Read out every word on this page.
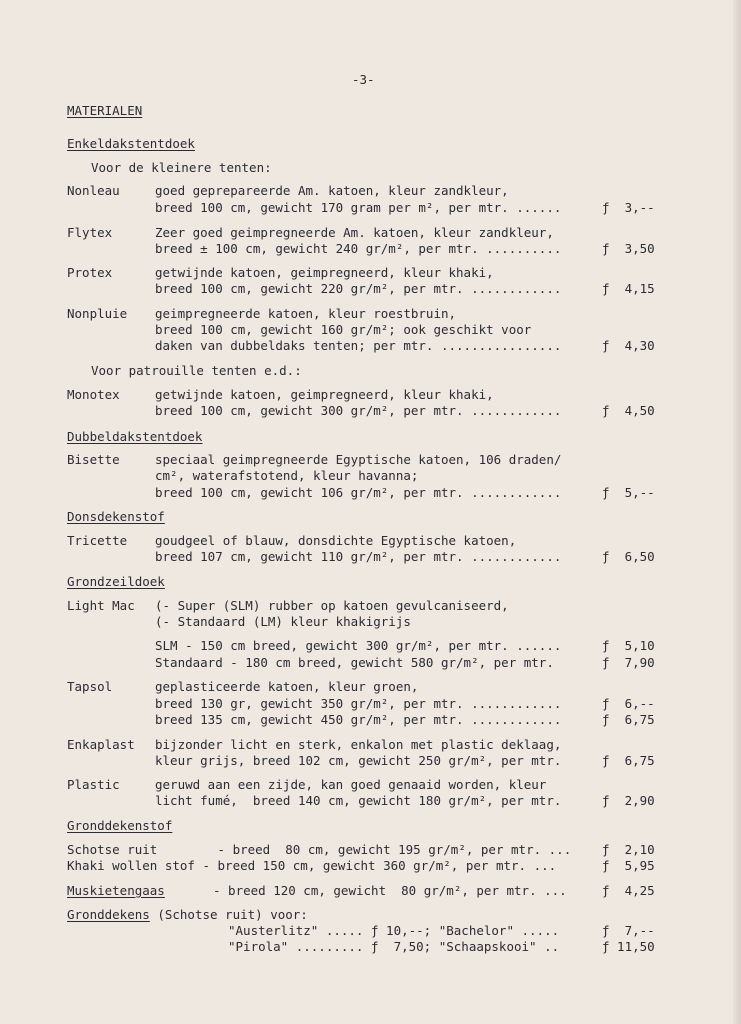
-3-
MATERIALEN
Enkeldakstentdoek
Voor de kleinere tenten:
Nonleau	goed geprepareerde Am. katoen, kleur zandkleur,
breed 100 cm, gewicht 170 gram per m², per mtr. ......	ƒ  3,--
Flytex	Zeer goed geimpregneerde Am. katoen, kleur zandkleur,
breed ± 100 cm, gewicht 240 gr/m², per mtr. ..........	ƒ  3,50
Protex	getwijnde katoen, geimpregneerd, kleur khaki,
breed 100 cm, gewicht 220 gr/m², per mtr. ............	ƒ  4,15
Nonpluie geimpregneerde katoen, kleur roestbruin,
breed 100 cm, gewicht 160 gr/m²; ook geschikt voor
daken van dubbeldaks tenten; per mtr. ................	ƒ  4,30
Voor patrouille tenten e.d.:
Monotex	getwijnde katoen, geimpregneerd, kleur khaki,
breed 100 cm, gewicht 300 gr/m², per mtr. ............	ƒ  4,50
Dubbeldakstentdoek
Bisette	speciaal geimpregneerde Egyptische katoen, 106 draden/
cm², waterafstotend, kleur havanna;
breed 100 cm, gewicht 106 gr/m², per mtr. ............	ƒ  5,--
Donsdekenstof
Tricette goudgeel of blauw, donsdichte Egyptische katoen,
breed 107 cm, gewicht 110 gr/m², per mtr. ............	ƒ  6,50
Grondzeildoek
Light Mac (- Super (SLM) rubber op katoen gevulcaniseerd,
(- Standaard (LM) kleur khakigrijs
SLM - 150 cm breed, gewicht 300 gr/m², per mtr. ......	ƒ  5,10
Standaard - 180 cm breed, gewicht 580 gr/m², per mtr.	ƒ  7,90
Tapsol	geplasticeerde katoen, kleur groen,
breed 130 gr, gewicht 350 gr/m², per mtr. ............	ƒ  6,--
breed 135 cm, gewicht 450 gr/m², per mtr. ............	ƒ  6,75
Enkaplast bijzonder licht en sterk, enkalon met plastic deklaag,
kleur grijs, breed 102 cm, gewicht 250 gr/m², per mtr.	ƒ  6,75
Plastic	geruwd aan een zijde, kan goed genaaid worden, kleur
licht fumé,  breed 140 cm, gewicht 180 gr/m², per mtr.	ƒ  2,90
Gronddekenstof
Schotse ruit        - breed  80 cm, gewicht 195 gr/m², per mtr. ... ƒ  2,10
Khaki wollen stof - breed 150 cm, gewicht 360 gr/m², per mtr. ...	ƒ  5,95
Muskietengaas	- breed 120 cm, gewicht  80 gr/m², per mtr. ...	ƒ  4,25
Gronddekens (Schotse ruit) voor:
"Austerlitz" ..... ƒ 10,--; "Bachelor" .....	ƒ  7,--
"Pirola" ......... ƒ  7,50; "Schaapskooi" ..	ƒ 11,50
